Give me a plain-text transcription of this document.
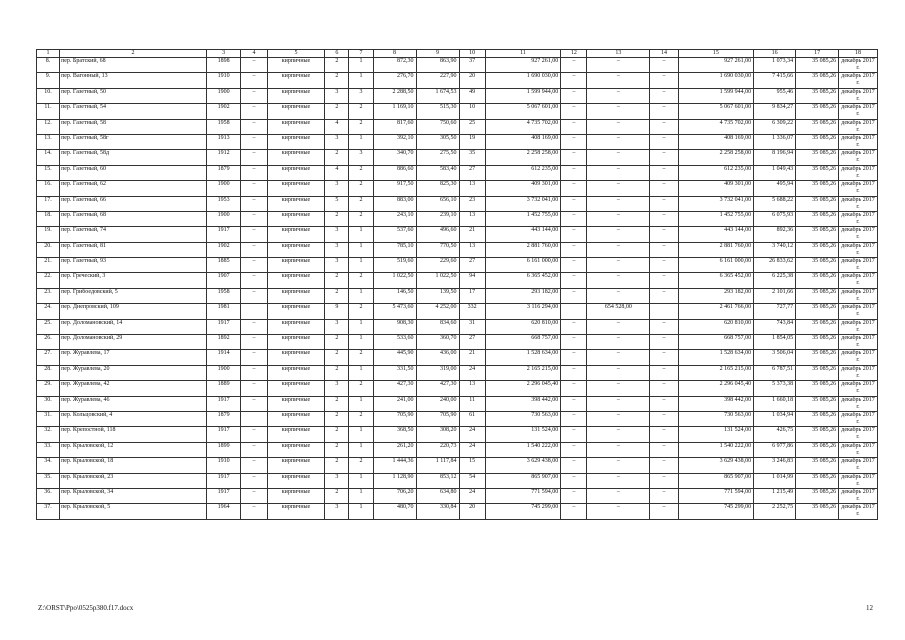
1	2	3	4	5	6	7	8	9	10	11	12	13	14	15	16	17	18
8.	пер. Братский, 68	1898	–	кирпичные	2	1	872,30	863,90	37	927 261,00	–	–	–	927 261,00	1 073,34	35 085,26	декабрь 2017 г.
9.	пер. Вагонный, 13	1910	–	кирпичные	2	1	276,70	227,90	20	1 690 030,00	–	–	–	1 690 030,00	7 415,66	35 085,26	декабрь 2017 г.
10.	пер. Газетный, 50	1900	–	кирпичные	3	3	2 288,50	1 674,53	49	1 599 944,00	–	–	–	1 599 944,00	955,46	35 085,26	декабрь 2017 г.
11.	пер. Газетный, 54	1902	–	кирпичные	2	2	1 169,10	515,30	10	5 067 601,00	–	–	–	5 067 601,00	9 834,27	35 085,26	декабрь 2017 г.
12.	пер. Газетный, 58	1958	–	кирпичные	4	2	817,60	750,60	25	4 735 702,00	–	–	–	4 735 702,00	6 309,22	35 085,26	декабрь 2017 г.
13.	пер. Газетный, 58г	1913	–	кирпичные	3	1	392,10	305,50	19	408 169,00	–	–	–	408 169,00	1 336,07	35 085,26	декабрь 2017 г.
14.	пер. Газетный, 58д	1912	–	кирпичные	2	3	340,70	275,50	35	2 258 258,00	–	–	–	2 258 258,00	8 196,94	35 085,26	декабрь 2017 г.
15.	пер. Газетный, 60	1879	–	кирпичные	4	2	886,60	583,40	27	612 235,00	–	–	–	612 235,00	1 049,43	35 085,26	декабрь 2017 г.
16.	пер. Газетный, 62	1900	–	кирпичные	3	2	917,50	825,30	13	409 301,00	–	–	–	409 301,00	495,94	35 085,26	декабрь 2017 г.
17.	пер. Газетный, 66	1953	–	кирпичные	5	2	883,00	656,10	23	3 732 041,00	–	–	–	3 732 041,00	5 688,22	35 085,26	декабрь 2017 г.
18.	пер. Газетный, 68	1900	–	кирпичные	2	2	243,10	239,10	13	1 452 755,00	–	–	–	1 452 755,00	6 075,93	35 085,26	декабрь 2017 г.
19.	пер. Газетный, 74	1917	–	кирпичные	3	1	537,60	496,60	21	443 144,00	–	–	–	443 144,00	892,36	35 085,26	декабрь 2017 г.
20.	пер. Газетный, 81	1902	–	кирпичные	3	1	785,10	770,50	13	2 881 760,00	–	–	–	2 881 760,00	3 740,12	35 085,26	декабрь 2017 г.
21.	пер. Газетный, 93	1885	–	кирпичные	3	1	519,60	229,60	27	6 161 000,00	–	–	–	6 161 000,00	26 833,62	35 085,26	декабрь 2017 г.
22.	пер. Греческий, 3	1907	–	кирпичные	2	2	1 022,50	1 022,50	94	6 365 452,00	–	–	–	6 365 452,00	6 225,38	35 085,26	декабрь 2017 г.
23.	пер. Грибоедовский, 5	1958	–	кирпичные	2	1	146,50	139,50	17	293 182,00	–	–	–	293 182,00	2 101,66	35 085,26	декабрь 2017 г.
24.	пер. Днепровский, 109	1981		кирпичные	9	2	5 473,60	4 252,00	332	3 116 294,00		654 528,00		2 461 766,00	727,77	35 085,26	декабрь 2017 г.
25.	пер. Доломановский, 14	1917	–	кирпичные	3	1	908,30	834,60	31	620 810,00	–	–	–	620 810,00	743,84	35 085,26	декабрь 2017 г.
26.	пер. Доломановский, 29	1892	–	кирпичные	2	1	533,60	360,70	27	668 757,00	–	–	–	668 757,00	1 854,05	35 085,26	декабрь 2017 г.
27.	пер. Журавлева, 17	1914	–	кирпичные	2	2	445,90	436,00	21	1 528 634,00	–	–	–	1 528 634,00	3 506,04	35 085,26	декабрь 2017 г.
28.	пер. Журавлева, 20	1900	–	кирпичные	2	1	331,50	319,00	24	2 165 215,00	–	–	–	2 165 215,00	6 787,51	35 085,26	декабрь 2017 г.
29.	пер. Журавлева, 42	1889	–	кирпичные	3	2	427,30	427,30	13	2 296 045,40	–	–	–	2 296 045,40	5 373,38	35 085,26	декабрь 2017 г.
30.	пер. Журавлева, 46	1917	–	кирпичные	2	1	241,00	240,00	11	398 442,00	–	–	–	398 442,00	1 660,18	35 085,26	декабрь 2017 г.
31.	пер. Кольцовский, 4	1879		кирпичные	2	2	705,90	705,90	61	730 563,00	–	–	–	730 563,00	1 034,94	35 085,26	декабрь 2017 г.
32.	пер. Крепостной, 118	1917	–	кирпичные	2	1	368,50	308,20	24	131 524,00	–	–	–	131 524,00	426,75	35 085,26	декабрь 2017 г.
33.	пер. Крыловской, 12	1899	–	кирпичные	2	1	261,20	220,73	24	1 540 222,00	–	–	–	1 540 222,00	6 977,86	35 085,26	декабрь 2017 г.
34.	пер. Крыловской, 18	1910	–	кирпичные	2	2	1 444,36	1 117,84	15	3 629 438,00	–	–	–	3 629 438,00	3 246,83	35 085,26	декабрь 2017 г.
35.	пер. Крыловской, 23	1917	–	кирпичные	3	1	1 128,90	853,12	54	865 907,00	–	–	–	865 907,00	1 014,99	35 085,26	декабрь 2017 г.
36.	пер. Крыловской, 34	1917	–	кирпичные	2	1	706,20	634,80	24	771 594,00	–	–	–	771 594,00	1 215,49	35 085,26	декабрь 2017 г.
37.	пер. Крыловской, 5	1964	–	кирпичные	3	1	480,70	330,84	20	745 299,00	–	–	–	745 299,00	2 252,75	35 085,26	декабрь 2017 г.
Z:\ORST\Ppo\0525p380.f17.docx	12
